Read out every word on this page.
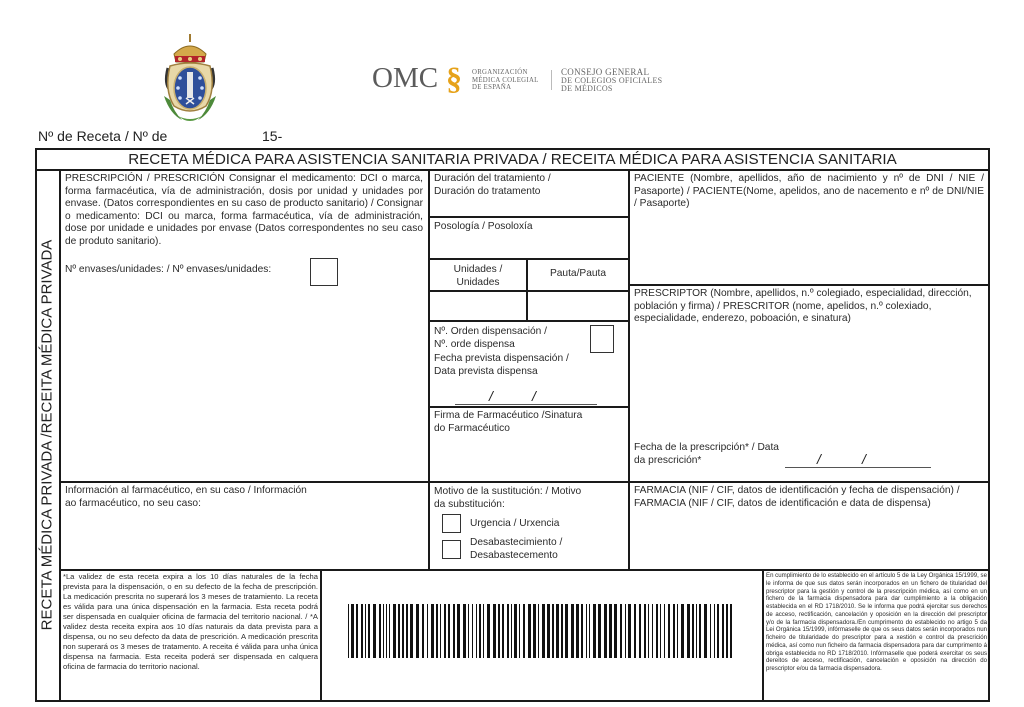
OMC § ORGANIZACIÓN
MÉDICA COLEGIAL
DE ESPAÑA
CONSEJO GENERAL
DE COLEGIOS OFICIALES
DE MÉDICOS
Nº de Receta / Nº de	15-
RECETA MÉDICA PARA ASISTENCIA SANITARIA PRIVADA / RECEITA MÉDICA PARA ASISTENCIA SANITARIA
RECETA MÉDICA PRIVADA /RECEITA MÉDICA PRIVADA
PRESCRIPCIÓN / PRESCRICIÓN Consignar el medicamento: DCI o marca, forma farmacéutica, vía de administración, dosis por unidad y unidades por envase. (Datos correspondientes en su caso de producto sanitario) / Consignar o medicamento: DCI ou marca, forma farmacéutica, vía de administración, dose por unidade e unidades por envase (Datos correspondentes no seu caso de produto sanitario).
Nº envases/unidades: / Nº envases/unidades:
Duración del tratamiento /
Duración do tratamento
Posología / Posoloxía
Unidades /
Unidades
Pauta/Pauta
Nº. Orden dispensación /
Nº. orde dispensa
Fecha prevista dispensación /
Data prevista dispensa
/	/
Firma de Farmacéutico /Sinatura
do Farmacéutico
PACIENTE (Nombre, apellidos, año de nacimiento y nº de DNI / NIE / Pasaporte) / PACIENTE(Nome, apelidos, ano de nacemento e nº de DNI/NIE / Pasaporte)
PRESCRIPTOR (Nombre, apellidos, n.º colegiado, especialidad, dirección, población y firma) / PRESCRITOR (nome, apelidos, n.º colexiado, especialidade, enderezo, poboación, e sinatura)
Fecha de la prescripción* / Data
da prescrición*	/	/
Información al farmacéutico, en su caso / Información
ao farmacéutico, no seu caso:
Motivo de la sustitución: / Motivo
da substitución:
Urgencia / Urxencia
Desabastecimiento /
Desabastecemento
FARMACIA (NIF / CIF, datos de identificación y fecha de dispensación) / FARMACIA (NIF / CIF, datos de identificación e data de dispensa)
*La validez de esta receta expira a los 10 días naturales de la fecha prevista para la dispensación, o en su defecto de la fecha de prescripción. La medicación prescrita no superará los 3 meses de tratamiento. La receta es válida para una única dispensación en la farmacia. Esta receta podrá ser dispensada en cualquier oficina de farmacia del territorio nacional. / *A validez desta receita expira aos 10 días naturais da data prevista para a dispensa, ou no seu defecto da data de prescrición. A medicación prescrita non superará os 3 meses de tratamento. A receita é válida para unha única dispensa na farmacia. Esta receita poderá ser dispensada en calquera oficina de farmacia do territorio nacional.
En cumplimiento de lo establecido en el artículo 5 de la Ley Orgánica 15/1999, se le informa de que sus datos serán incorporados en un fichero de titularidad del prescriptor para la gestión y control de la prescripción médica, así como en un fichero de la farmacia dispensadora para dar cumplimiento a la obligación establecida en el RD 1718/2010. Se le informa que podrá ejercitar sus derechos de acceso, rectificación, cancelación y oposición en la dirección del prescriptor y/o de la farmacia dispensadora./En cumprimento do establecido no artigo 5 da Lei Orgánica 15/1999, infórmaselle de que os seus datos serán incorporados nun ficheiro de titularidade do prescriptor para a xestión e control da prescrición médica, así como nun ficheiro da farmacia dispensadora para dar cumprimento á obriga establecida no RD 1718/2010. Infórmaselle que poderá exercitar os seus dereitos de acceso, rectificación, cancelación e oposición na dirección do prescriptor e/ou da farmacia dispensadora.
